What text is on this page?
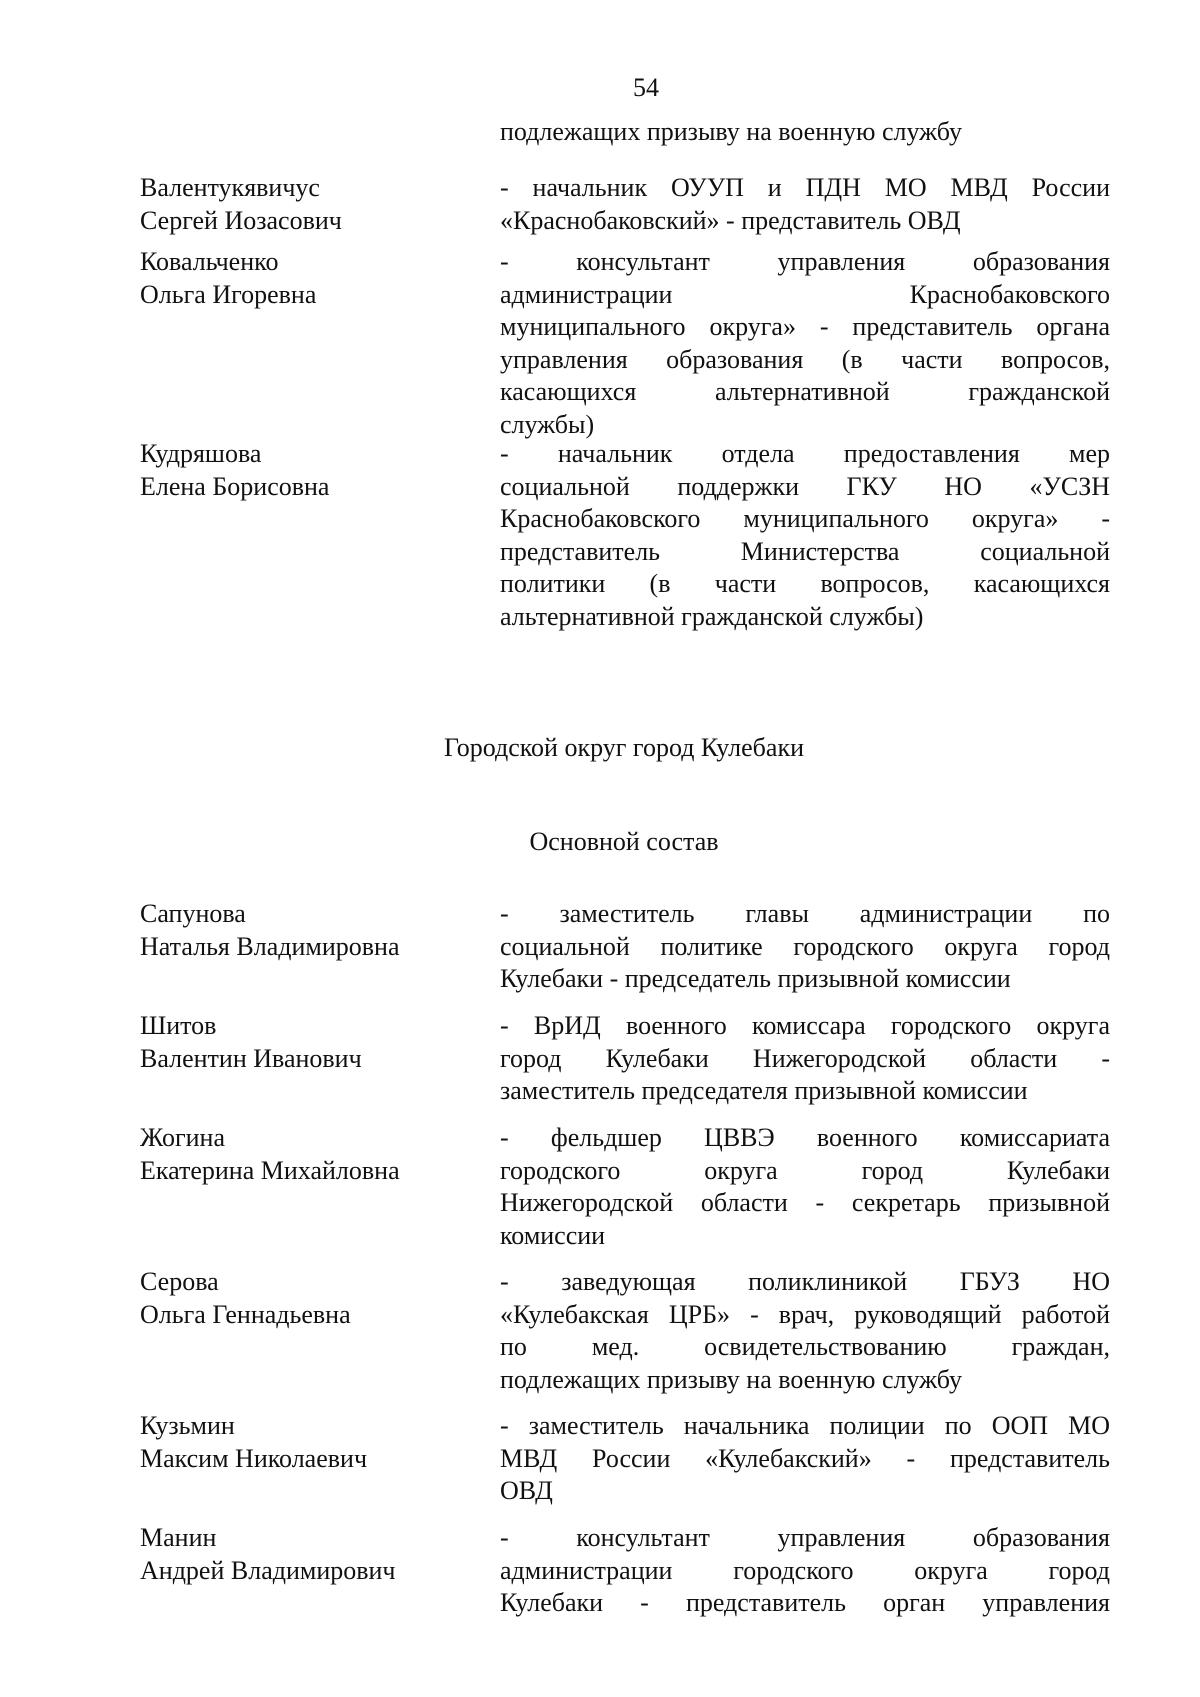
54
подлежащих призыву на военную службу
Валентукявичус
Сергей Иозасович
- начальник ОУУП и ПДН МО МВД России
«Краснобаковский» - представитель ОВД
Ковальченко
Ольга Игоревна
- консультант управления образования
администрации Краснобаковского
муниципального округа» - представитель органа
управления образования (в части вопросов,
касающихся альтернативной гражданской
службы)
Кудряшова
Елена Борисовна
- начальник отдела предоставления мер
социальной поддержки ГКУ НО «УСЗН
Краснобаковского муниципального округа» -
представитель Министерства социальной
политики (в части вопросов, касающихся
альтернативной гражданской службы)
Городской округ город Кулебаки
Основной состав
Сапунова
Наталья Владимировна
- заместитель главы администрации по
социальной политике городского округа город
Кулебаки - председатель призывной комиссии
Шитов
Валентин Иванович
- ВрИД военного комиссара городского округа
город Кулебаки Нижегородской области -
заместитель председателя призывной комиссии
Жогина
Екатерина Михайловна
- фельдшер ЦВВЭ военного комиссариата
городского округа город Кулебаки
Нижегородской области - секретарь призывной
комиссии
Серова
Ольга Геннадьевна
- заведующая поликлиникой ГБУЗ НО
«Кулебакская ЦРБ» - врач, руководящий работой
по мед. освидетельствованию граждан,
подлежащих призыву на военную службу
Кузьмин
Максим Николаевич
- заместитель начальника полиции по ООП МО
МВД России «Кулебакский» - представитель
ОВД
Манин
Андрей Владимирович
- консультант управления образования
администрации городского округа город
Кулебаки - представитель орган управления
